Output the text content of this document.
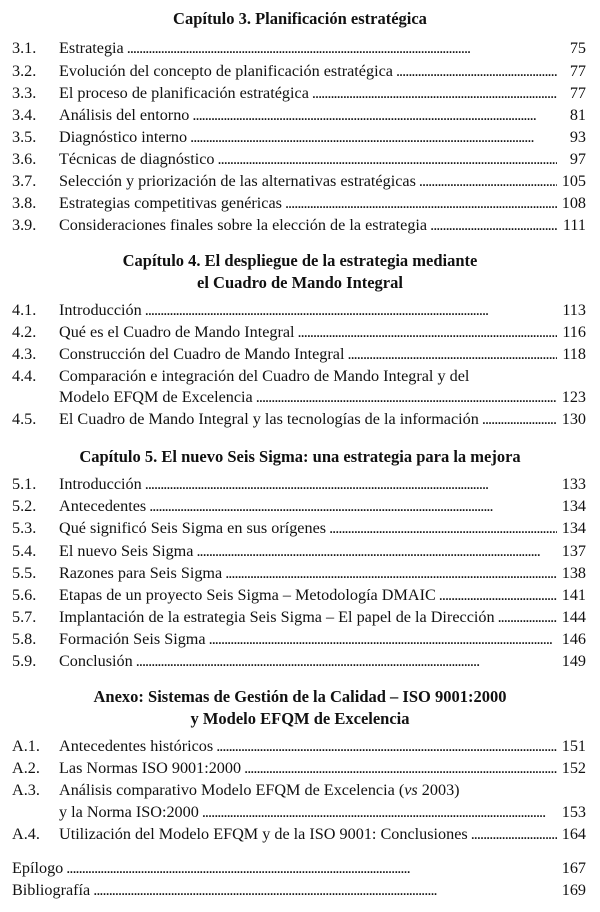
Capítulo 3. Planificación estratégica
3.1.	Estrategia . . .	75
3.2.	Evolución del concepto de planificación estratégica . . .	77
3.3.	El proceso de planificación estratégica . . .	77
3.4.	Análisis del entorno . . .	81
3.5.	Diagnóstico interno . . .	93
3.6.	Técnicas de diagnóstico . . .	97
3.7.	Selección y priorización de las alternativas estratégicas . . .	105
3.8.	Estrategias competitivas genéricas . . .	108
3.9.	Consideraciones finales sobre la elección de la estrategia . . .	111
Capítulo 4. El despliegue de la estrategia mediante
el Cuadro de Mando Integral
4.1.	Introducción . . .	113
4.2.	Qué es el Cuadro de Mando Integral . . .	116
4.3.	Construcción del Cuadro de Mando Integral . . .	118
4.4.	Comparación e integración del Cuadro de Mando Integral y del
Modelo EFQM de Excelencia . . .	123
4.5.	El Cuadro de Mando Integral y las tecnologías de la información . . .	130
Capítulo 5. El nuevo Seis Sigma: una estrategia para la mejora
5.1.	Introducción . . .	133
5.2.	Antecedentes . . .	134
5.3.	Qué significó Seis Sigma en sus orígenes . . .	134
5.4.	El nuevo Seis Sigma . . .	137
5.5.	Razones para Seis Sigma . . .	138
5.6.	Etapas de un proyecto Seis Sigma – Metodología DMAIC . . .	141
5.7.	Implantación de la estrategia Seis Sigma – El papel de la Dirección . . .	144
5.8.	Formación Seis Sigma . . .	146
5.9.	Conclusión . . .	149
Anexo: Sistemas de Gestión de la Calidad – ISO 9001:2000
y Modelo EFQM de Excelencia
A.1.	Antecedentes históricos . . .	151
A.2.	Las Normas ISO 9001:2000 . . .	152
A.3.	Análisis comparativo Modelo EFQM de Excelencia (vs 2003)
y la Norma ISO:2000 . . .	153
A.4.	Utilización del Modelo EFQM y de la ISO 9001: Conclusiones . . .	164
Epílogo . . .	167
Bibliografía . . .	169
